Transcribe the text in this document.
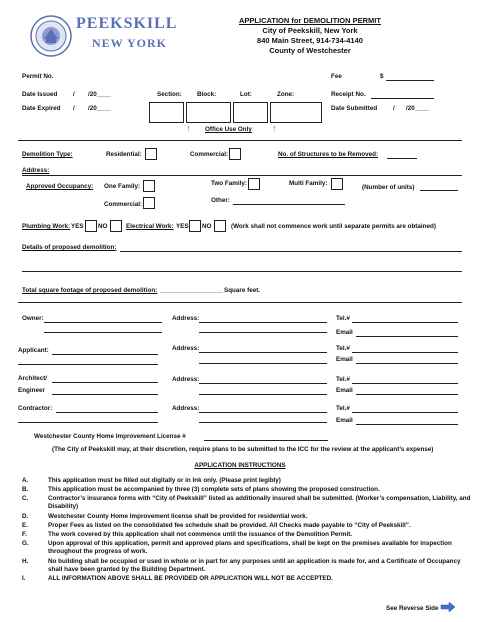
PEEKSKILL
NEW YORK
APPLICATION for DEMOLITION PERMIT
City of Peekskill, New York
840 Main Street, 914-734-4140
County of Westchester
Permit No.	Fee	$
Date Issued / /20____	Section: Block:	Lot:	Zone:	Receipt No.
Date Expired / /20____	Date Submitted	/ /20____
↑ Office Use Only ↑
Demolition Type:	Residential:	Commercial:	No. of Structures to be Removed:
Address:
Approved Occupancy: One Family:	Two Family:	Multi Family:
(Number of units)
Commercial:
Other:
Plumbing Work: YES NO	Electrical Work: YES NO	(Work shall not commence work until separate permits are obtained)
Details of proposed demolition:
Total square footage of proposed demolition: __________________ Square feet.
Owner:	Address:	Tel.#
Email
Applicant:	Address:	Tel.#
Email
Architect/
Engineer
Address:	Tel.#
Email
Contractor:	Address:	Tel.#
Email
Westchester County Home Improvement License #
(The City of Peekskill may, at their discretion, require plans to be submitted to the ICC for the review at the applicant’s expense)
APPLICATION INSTRUCTIONS
A.	This application must be filled out digitally or in Ink only. (Please print legibly)
B.	This application must be accompanied by three (3) complete sets of plans showing the proposed construction.
C.	Contractor’s insurance forms with “City of Peekskill” listed as additionally insured shall be submitted. (Worker’s compensation, Liability, and
Disability)
D.	Westchester County Home Improvement license shall be provided for residential work.
E.	Proper Fees as listed on the consolidated fee schedule shall be provided. All Checks made payable to “City of Peekskill”.
F.	The work covered by this application shall not commence until the issuance of the Demolition Permit.
G.	Upon approval of this application, permit and approved plans and specifications, shall be kept on the premises available for inspection
throughout the progress of work.
H.	No building shall be occupied or used in whole or in part for any purposes until an application is made for, and a Certificate of Occupancy
shall have been granted by the Building Department.
I.	ALL INFORMATION ABOVE SHALL BE PROVIDED OR APPLICATION WILL NOT BE ACCEPTED.
See Reverse Side
